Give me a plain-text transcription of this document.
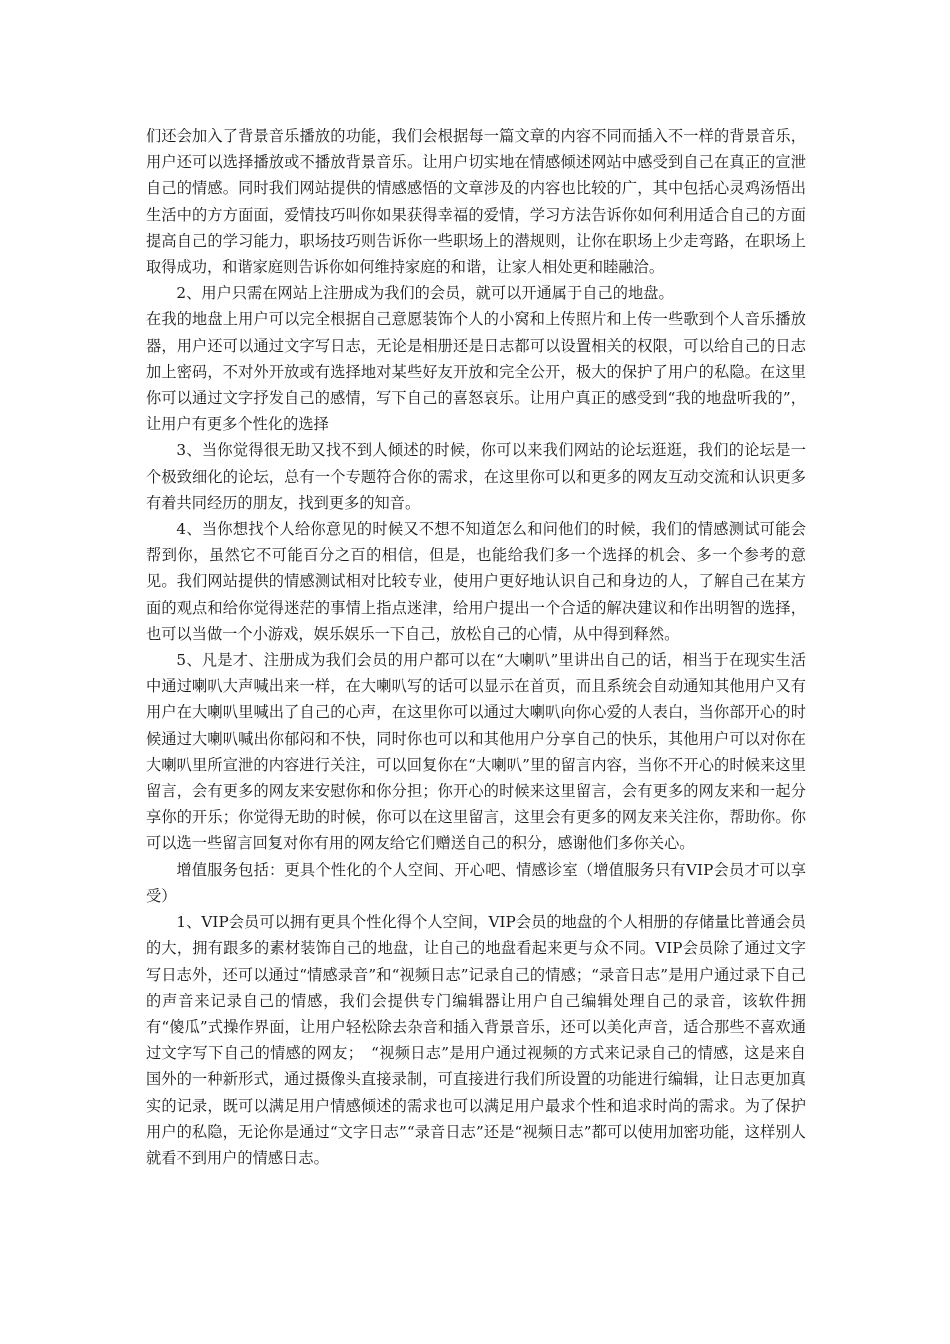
们还会加入了背景音乐播放的功能，我们会根据每一篇文章的内容不同而插入不一样的背景音乐，用户还可以选择播放或不播放背景音乐。让用户切实地在情感倾述网站中感受到自己在真正的宣泄自己的情感。同时我们网站提供的情感感悟的文章涉及的内容也比较的广，其中包括心灵鸡汤悟出生活中的方方面面，爱情技巧叫你如果获得幸福的爱情，学习方法告诉你如何利用适合自己的方面提高自己的学习能力，职场技巧则告诉你一些职场上的潜规则，让你在职场上少走弯路，在职场上取得成功，和谐家庭则告诉你如何维持家庭的和谐，让家人相处更和睦融洽。

2、用户只需在网站上注册成为我们的会员，就可以开通属于自己的地盘。

在我的地盘上用户可以完全根据自己意愿装饰个人的小窝和上传照片和上传一些歌到个人音乐播放器，用户还可以通过文字写日志，无论是相册还是日志都可以设置相关的权限，可以给自己的日志加上密码，不对外开放或有选择地对某些好友开放和完全公开，极大的保护了用户的私隐。在这里你可以通过文字抒发自己的感情，写下自己的喜怒哀乐。让用户真正的感受到“我的地盘听我的”，让用户有更多个性化的选择

3、当你觉得很无助又找不到人倾述的时候，你可以来我们网站的论坛逛逛，我们的论坛是一个极致细化的论坛，总有一个专题符合你的需求，在这里你可以和更多的网友互动交流和认识更多有着共同经历的朋友，找到更多的知音。

4、当你想找个人给你意见的时候又不想不知道怎么和问他们的时候，我们的情感测试可能会帮到你，虽然它不可能百分之百的相信，但是，也能给我们多一个选择的机会、多一个参考的意见。我们网站提供的情感测试相对比较专业，使用户更好地认识自己和身边的人，了解自己在某方面的观点和给你觉得迷茫的事情上指点迷津，给用户提出一个合适的解决建议和作出明智的选择，也可以当做一个小游戏，娱乐娱乐一下自己，放松自己的心情，从中得到释然。

5、凡是才、注册成为我们会员的用户都可以在“大喇叭”里讲出自己的话，相当于在现实生活中通过喇叭大声喊出来一样，在大喇叭写的话可以显示在首页，而且系统会自动通知其他用户又有用户在大喇叭里喊出了自己的心声，在这里你可以通过大喇叭向你心爱的人表白，当你部开心的时候通过大喇叭喊出你郁闷和不快，同时你也可以和其他用户分享自己的快乐，其他用户可以对你在大喇叭里所宣泄的内容进行关注，可以回复你在“大喇叭”里的留言内容，当你不开心的时候来这里留言，会有更多的网友来安慰你和你分担；你开心的时候来这里留言，会有更多的网友来和一起分享你的开乐；你觉得无助的时候，你可以在这里留言，这里会有更多的网友来关注你，帮助你。你可以选一些留言回复对你有用的网友给它们赠送自己的积分，感谢他们多你关心。

增值服务包括：更具个性化的个人空间、开心吧、情感诊室（增值服务只有VIP会员才可以享受）

1、VIP会员可以拥有更具个性化得个人空间，VIP会员的地盘的个人相册的存储量比普通会员的大，拥有跟多的素材装饰自己的地盘，让自己的地盘看起来更与众不同。VIP会员除了通过文字写日志外，还可以通过“情感录音”和“视频日志”记录自己的情感；“录音日志”是用户通过录下自己的声音来记录自己的情感，我们会提供专门编辑器让用户自己编辑处理自己的录音，该软件拥有“傻瓜”式操作界面，让用户轻松除去杂音和插入背景音乐，还可以美化声音，适合那些不喜欢通过文字写下自己的情感的网友；　“视频日志”是用户通过视频的方式来记录自己的情感，这是来自国外的一种新形式，通过摄像头直接录制，可直接进行我们所设置的功能进行编辑，让日志更加真实的记录，既可以满足用户情感倾述的需求也可以满足用户最求个性和追求时尚的需求。为了保护用户的私隐，无论你是通过“文字日志”“录音日志”还是“视频日志”都可以使用加密功能，这样别人就看不到用户的情感日志。
